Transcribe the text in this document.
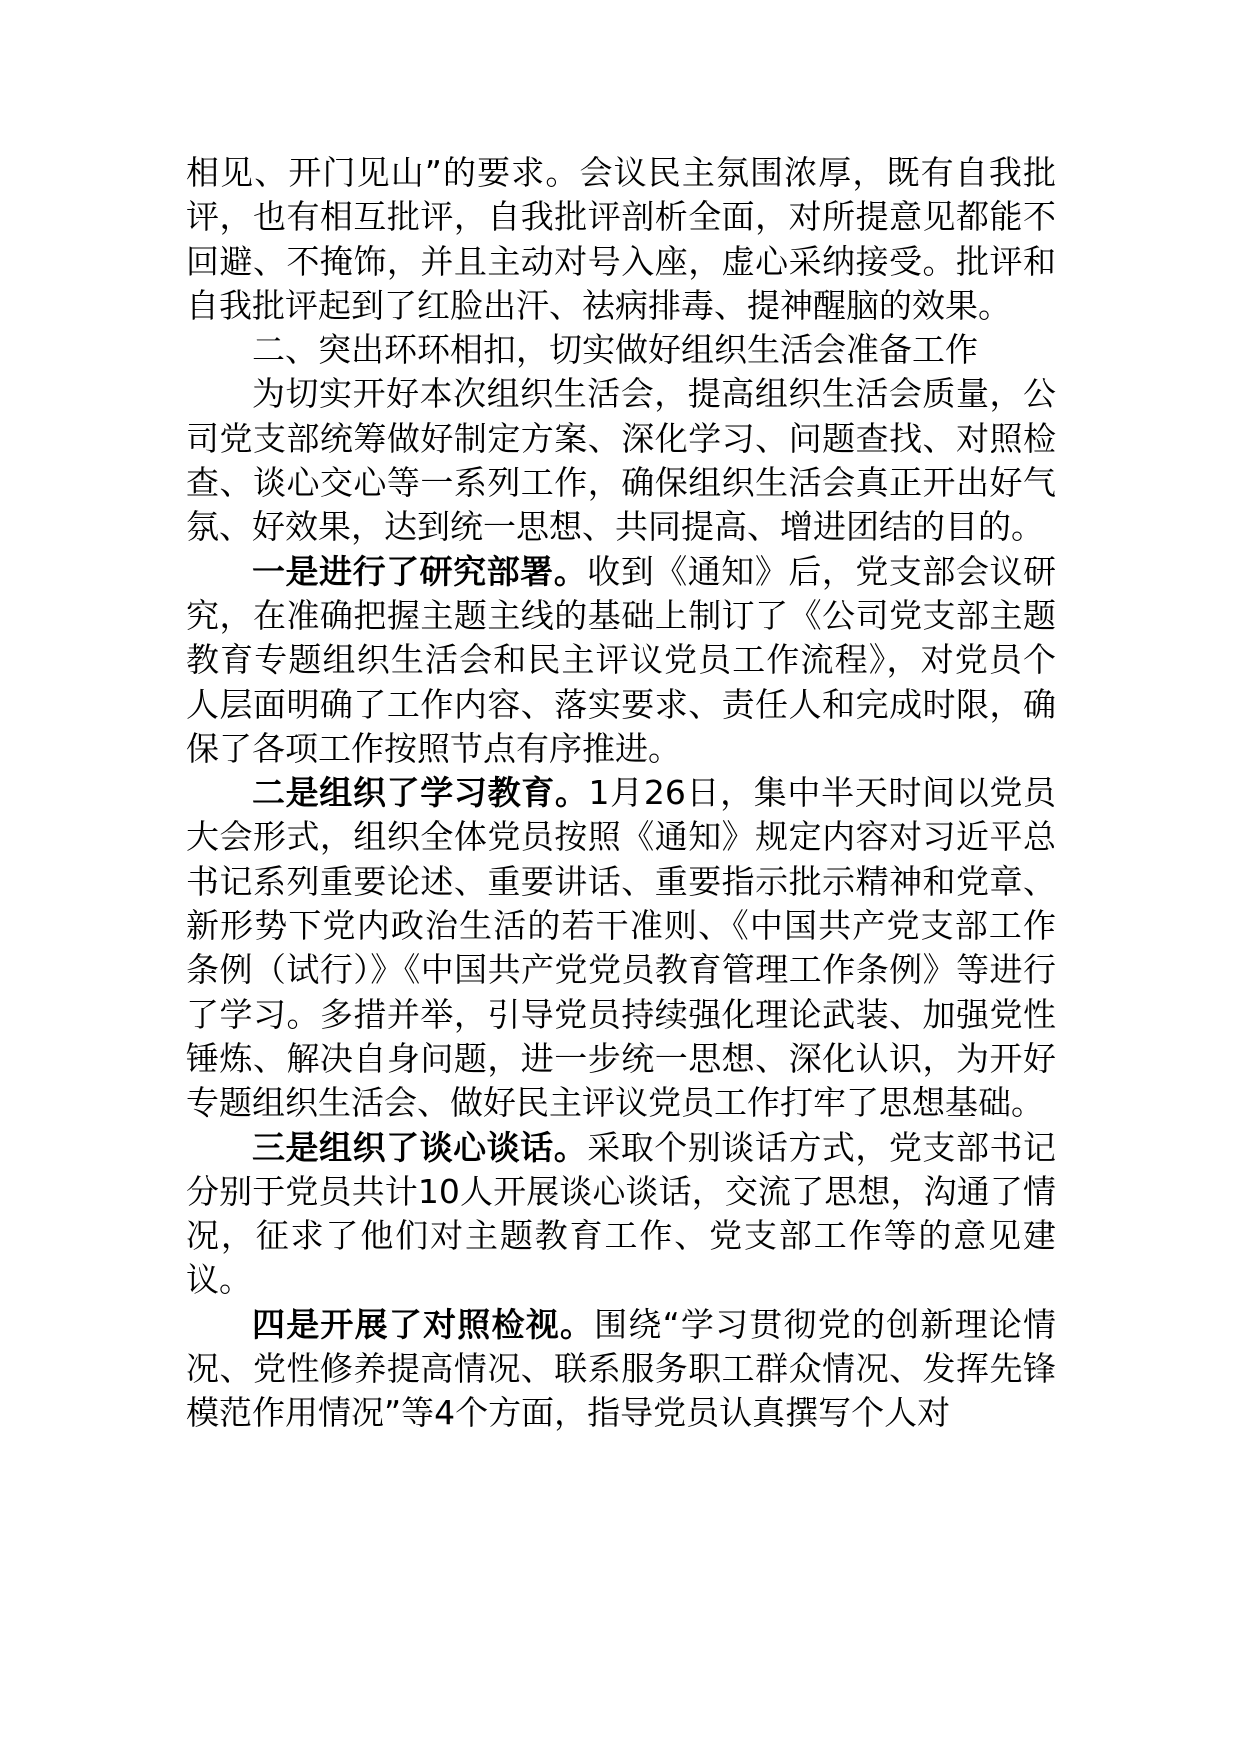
相见、开门见山”的要求。会议民主氛围浓厚，既有自我批评，也有相互批评，自我批评剖析全面，对所提意见都能不回避、不掩饰，并且主动对号入座，虚心采纳接受。批评和自我批评起到了红脸出汗、祛病排毒、提神醒脑的效果。

二、突出环环相扣，切实做好组织生活会准备工作

为切实开好本次组织生活会，提高组织生活会质量，公司党支部统筹做好制定方案、深化学习、问题查找、对照检查、谈心交心等一系列工作，确保组织生活会真正开出好气氛、好效果，达到统一思想、共同提高、增进团结的目的。

一是进行了研究部署。收到《通知》后，党支部会议研究，在准确把握主题主线的基础上制订了《公司党支部主题教育专题组织生活会和民主评议党员工作流程》，对党员个人层面明确了工作内容、落实要求、责任人和完成时限，确保了各项工作按照节点有序推进。

二是组织了学习教育。1月26日，集中半天时间以党员大会形式，组织全体党员按照《通知》规定内容对习近平总书记系列重要论述、重要讲话、重要指示批示精神和党章、新形势下党内政治生活的若干准则、《中国共产党支部工作条例（试行）》《中国共产党党员教育管理工作条例》等进行了学习。多措并举，引导党员持续强化理论武装、加强党性锤炼、解决自身问题，进一步统一思想、深化认识，为开好专题组织生活会、做好民主评议党员工作打牢了思想基础。

三是组织了谈心谈话。采取个别谈话方式，党支部书记分别于党员共计10人开展谈心谈话，交流了思想，沟通了情况，征求了他们对主题教育工作、党支部工作等的意见建议。

四是开展了对照检视。围绕“学习贯彻党的创新理论情况、党性修养提高情况、联系服务职工群众情况、发挥先锋模范作用情况”等4个方面，指导党员认真撰写个人对
